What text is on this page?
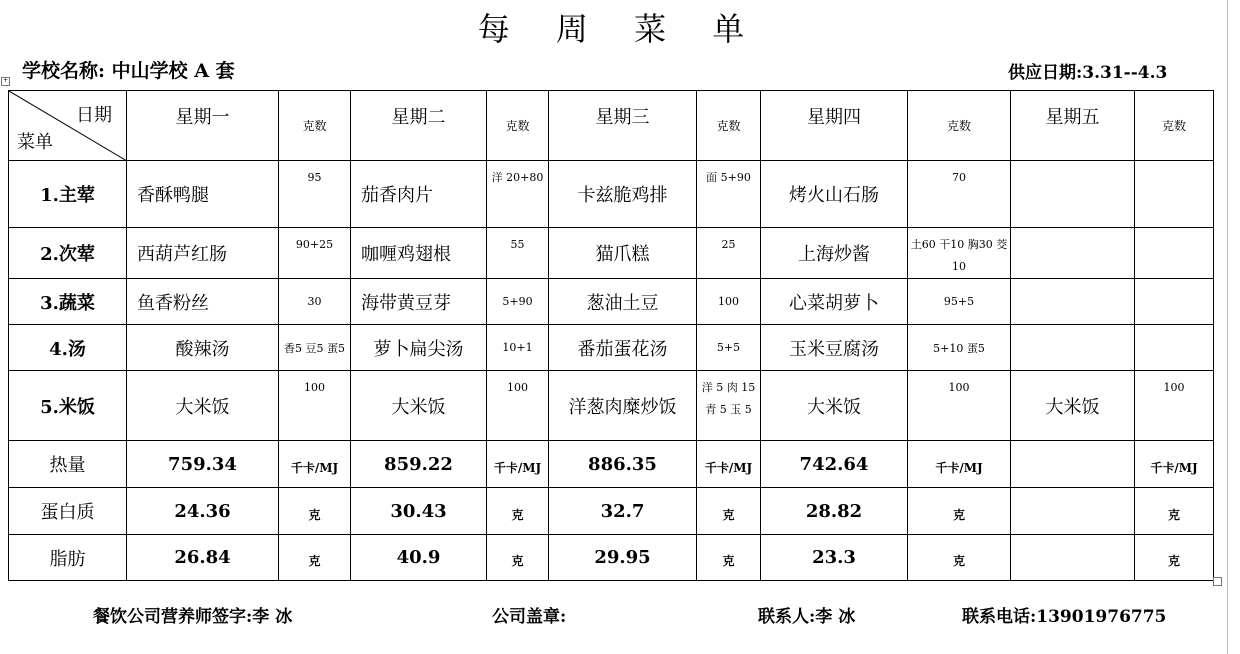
每 周 菜 单
学校名称: 中山学校 A 套	供应日期:3.31--4.3
+
日期
菜单	星期一	克数	星期二	克数	星期三	克数	星期四	克数	星期五	克数
1.主荤	香酥鸭腿	95	茄香肉片	洋 20+80	卡兹脆鸡排	面 5+90	烤火山石肠	70		
2.次荤	西葫芦红肠	90+25	咖喱鸡翅根	55	猫爪糕	25	上海炒酱	土60 干10 胸30 茭10		
3.蔬菜	鱼香粉丝	30	海带黄豆芽	5+90	葱油土豆	100	心菜胡萝卜	95+5		
4.汤	酸辣汤	香5 豆5 蛋5	萝卜扁尖汤	10+1	番茄蛋花汤	5+5	玉米豆腐汤	5+10 蛋5		
5.米饭	大米饭	100	大米饭	100	洋葱肉糜炒饭	洋 5 肉 15 青 5 玉 5	大米饭	100	大米饭	100
热量	759.34	千卡/MJ	859.22	千卡/MJ	886.35	千卡/MJ	742.64	千卡/MJ		千卡/MJ
蛋白质	24.36	克	30.43	克	32.7	克	28.82	克		克
脂肪	26.84	克	40.9	克	29.95	克	23.3	克		克
餐饮公司营养师签字:李 冰	公司盖章:	联系人:李 冰	联系电话:13901976775
